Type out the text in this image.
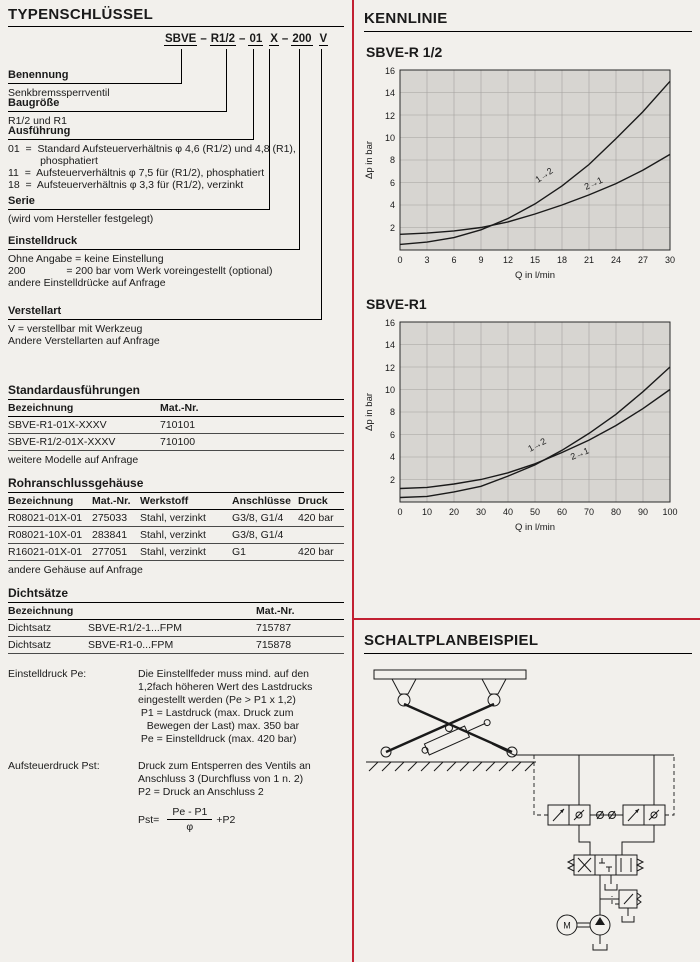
TYPENSCHLÜSSEL
SBVE – R1/2 – 01 X – 200 V
Benennung
Senkbremssperrventil
Baugröße
R1/2 und R1
Ausführung
01  =  Standard Aufsteuerverhältnis φ 4,6 (R1/2) und 4,8 (R1),
phosphatiert
11  =  Aufsteuerverhältnis φ 7,5 für (R1/2), phosphatiert
18  =  Aufsteuerverhältnis φ 3,3 für (R1/2), verzinkt
Serie
(wird vom Hersteller festgelegt)
Einstelldruck
Ohne Angabe = keine Einstellung
200              = 200 bar vom Werk voreingestellt (optional)
andere Einstelldrücke auf Anfrage
Verstellart
V = verstellbar mit Werkzeug
Andere Verstellarten auf Anfrage
Standardausführungen
Bezeichnung	Mat.-Nr.
SBVE-R1-01X-XXXV	710101
SBVE-R1/2-01X-XXXV	710100
weitere Modelle auf Anfrage
Rohranschlussgehäuse
Bezeichnung	Mat.-Nr.	Werkstoff	Anschlüsse	Druck
R08021-01X-01	275033	Stahl, verzinkt	G3/8, G1/4	420 bar
R08021-10X-01	283841	Stahl, verzinkt	G3/8, G1/4	
R16021-01X-01	277051	Stahl, verzinkt	G1	420 bar
andere Gehäuse auf Anfrage
Dichtsätze
Bezeichnung		Mat.-Nr.
Dichtsatz	SBVE-R1/2-1...FPM	715787
Dichtsatz	SBVE-R1-0...FPM	715878
Einstelldruck Pe:	Die Einstellfeder muss mind. auf den
1,2fach höheren Wert des Lastdrucks
eingestellt werden (Pe > P1 x 1,2)
P1 = Lastdruck (max. Druck zum
Bewegen der Last) max. 350 bar
Pe = Einstelldruck (max. 420 bar)
Aufsteuerdruck Pst:	Druck zum Entsperren des Ventils an
Anschluss 3 (Durchfluss von 1 n. 2)
P2 = Druck an Anschluss 2
$Pst= \frac{Pe - P1}{\varphi} +P2$
KENNLINIE
SBVE-R 1/2
1→2	2→1
16
14
12
10
8
6
4
2
0 3 6 9 12 15 18 21 24 27 30
Δp in bar
Q in l/min
SBVE-R1
1→2 2→1
16
14
12
10
8
6
4
2
0 10 20 30 40 50 60 70 80 90 100
Δp in bar
Q in l/min
SCHALTPLANBEISPIEL
M
